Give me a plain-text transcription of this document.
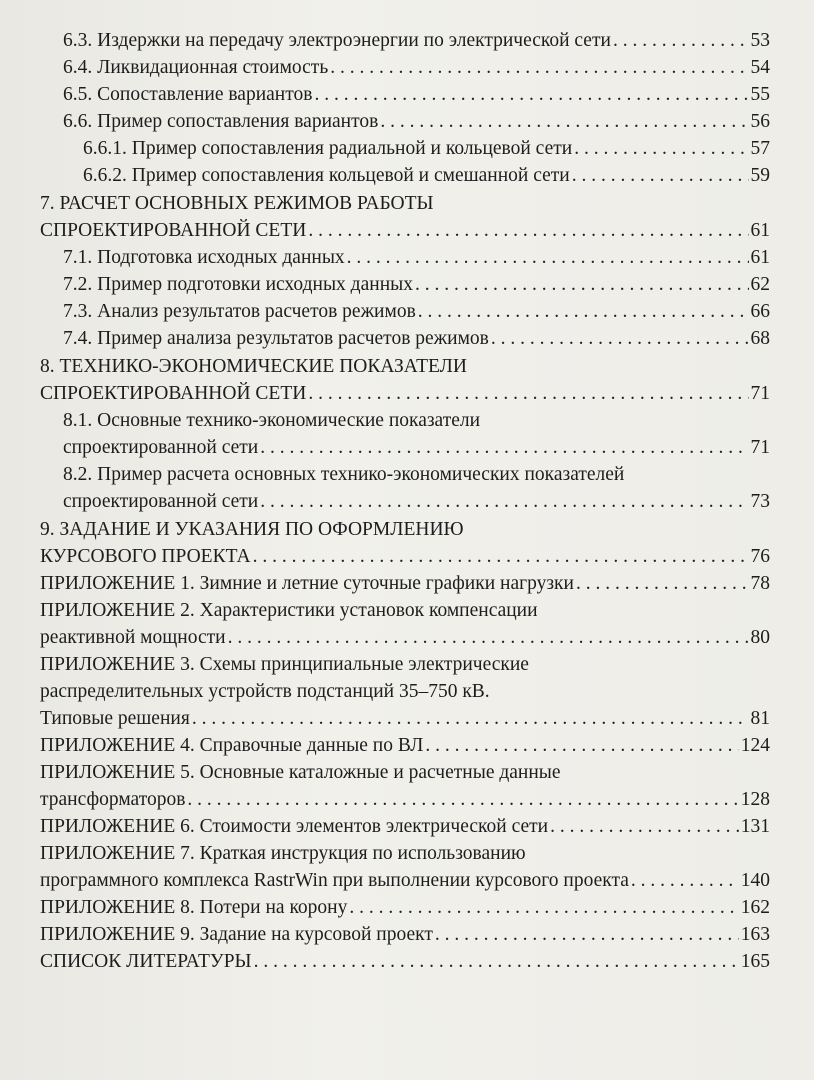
6.3. Издержки на передачу электроэнергии по электрической сети . . .	53
6.4. Ликвидационная стоимость . . .	54
6.5. Сопоставление вариантов . . .	55
6.6. Пример сопоставления вариантов . . .	56
6.6.1. Пример сопоставления радиальной и кольцевой сети . . .	57
6.6.2. Пример сопоставления кольцевой и смешанной сети . . .	59
7. РАСЧЕТ ОСНОВНЫХ РЕЖИМОВ РАБОТЫ
СПРОЕКТИРОВАННОЙ СЕТИ . . .	61
7.1. Подготовка исходных данных . . .	61
7.2. Пример подготовки исходных данных . . .	62
7.3. Анализ результатов расчетов режимов . . .	66
7.4. Пример анализа результатов расчетов режимов . . .	68
8. ТЕХНИКО-ЭКОНОМИЧЕСКИЕ ПОКАЗАТЕЛИ
СПРОЕКТИРОВАННОЙ СЕТИ . . .	71
8.1. Основные технико-экономические показатели
спроектированной сети . . .	71
8.2. Пример расчета основных технико-экономических показателей
спроектированной сети . . .	73
9. ЗАДАНИЕ И УКАЗАНИЯ ПО ОФОРМЛЕНИЮ
КУРСОВОГО ПРОЕКТА . . .	76
ПРИЛОЖЕНИЕ 1. Зимние и летние суточные графики нагрузки . . .	78
ПРИЛОЖЕНИЕ 2. Характеристики установок компенсации
реактивной мощности . . .	80
ПРИЛОЖЕНИЕ 3. Схемы принципиальные электрические
распределительных устройств подстанций 35–750 кВ.
Типовые решения . . .	81
ПРИЛОЖЕНИЕ 4. Справочные данные по ВЛ . . .	124
ПРИЛОЖЕНИЕ 5. Основные каталожные и расчетные данные
трансформаторов . . .	128
ПРИЛОЖЕНИЕ 6. Стоимости элементов электрической сети . . .	131
ПРИЛОЖЕНИЕ 7. Краткая инструкция по использованию
программного комплекса RastrWin при выполнении курсового проекта . . .	140
ПРИЛОЖЕНИЕ 8. Потери на корону . . .	162
ПРИЛОЖЕНИЕ 9. Задание на курсовой проект . . .	163
СПИСОК ЛИТЕРАТУРЫ . . .	165
